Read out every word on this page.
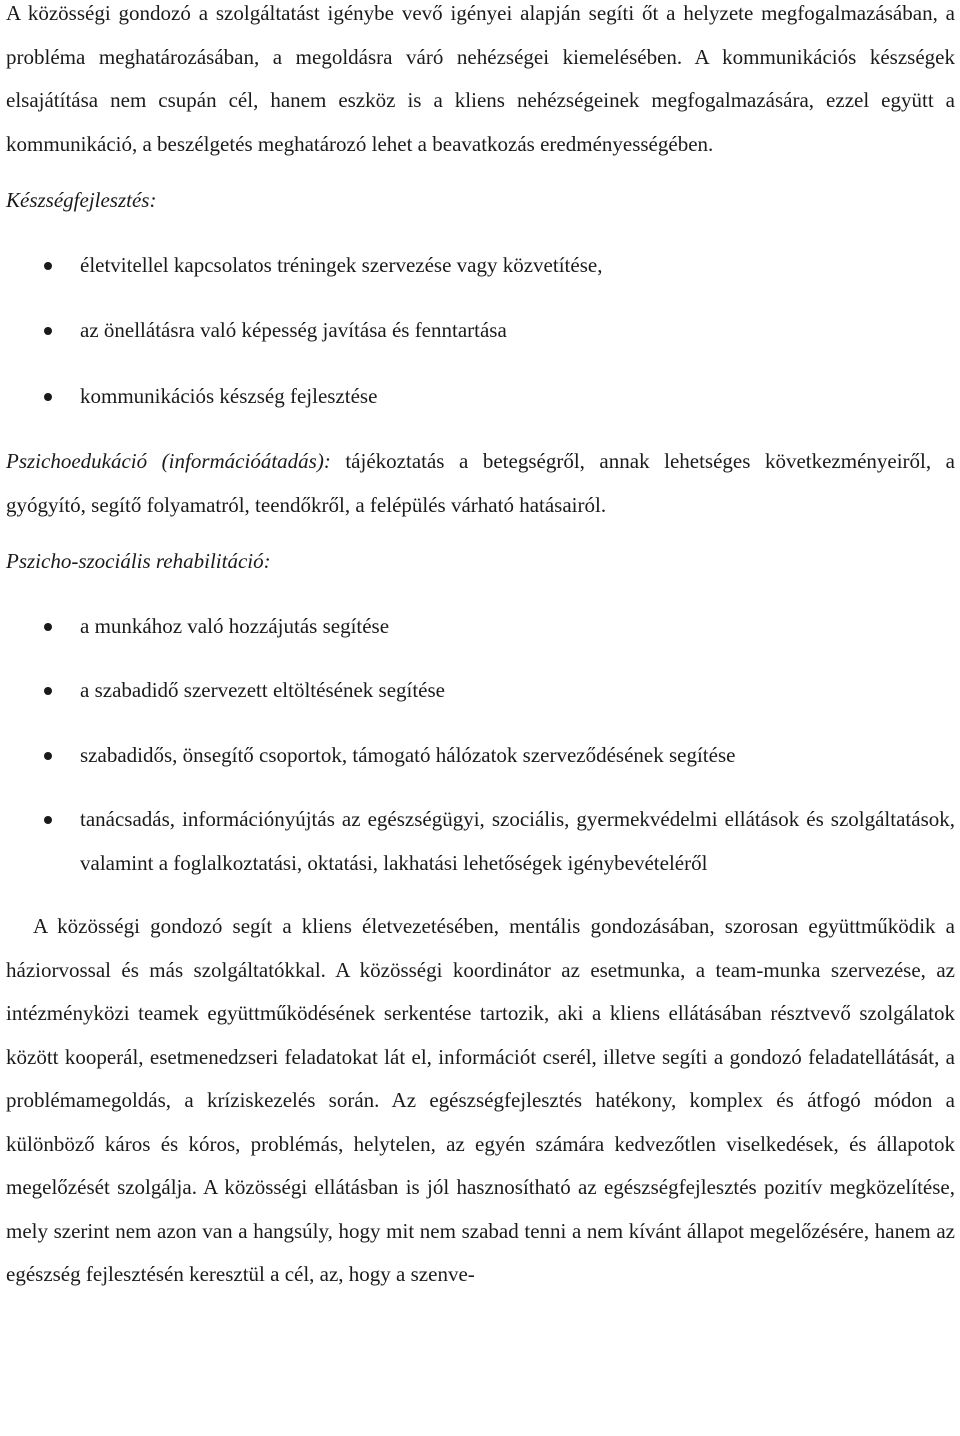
A közösségi gondozó a szolgáltatást igénybe vevő igényei alapján segíti őt a helyzete megfogalmazásában, a probléma meghatározásában, a megoldásra váró nehézségei kiemelésében. A kommunikációs készségek elsajátítása nem csupán cél, hanem eszköz is a kliens nehézségeinek megfogalmazására, ezzel együtt a kommunikáció, a beszélgetés meghatározó lehet a beavatkozás eredményességében.

Készségfejlesztés:

életvitellel kapcsolatos tréningek szervezése vagy közvetítése,
az önellátásra való képesség javítása és fenntartása
kommunikációs készség fejlesztése

Pszichoedukáció (információátadás): tájékoztatás a betegségről, annak lehetséges következményeiről, a gyógyító, segítő folyamatról, teendőkről, a felépülés várható hatásairól.

Pszicho-szociális rehabilitáció:

a munkához való hozzájutás segítése
a szabadidő szervezett eltöltésének segítése
szabadidős, önsegítő csoportok, támogató hálózatok szerveződésének segítése
tanácsadás, információnyújtás az egészségügyi, szociális, gyermekvédelmi ellátások és szolgáltatások, valamint a foglalkoztatási, oktatási, lakhatási lehetőségek igénybevételéről

A közösségi gondozó segít a kliens életvezetésében, mentális gondozásában, szorosan együttműködik a háziorvossal és más szolgáltatókkal. A közösségi koordinátor az esetmunka, a team-munka szervezése, az intézményközi teamek együttműködésének serkentése tartozik, aki a kliens ellátásában résztvevő szolgálatok között kooperál, esetmenedzseri feladatokat lát el, információt cserél, illetve segíti a gondozó feladatellátását, a problémamegoldás, a kríziskezelés során. Az egészségfejlesztés hatékony, komplex és átfogó módon a különböző káros és kóros, problémás, helytelen, az egyén számára kedvezőtlen viselkedések, és állapotok megelőzését szolgálja. A közösségi ellátásban is jól hasznosítható az egészségfejlesztés pozitív megközelítése, mely szerint nem azon van a hangsúly, hogy mit nem szabad tenni a nem kívánt állapot megelőzésére, hanem az egészség fejlesztésén keresztül a cél, az, hogy a szenve-
